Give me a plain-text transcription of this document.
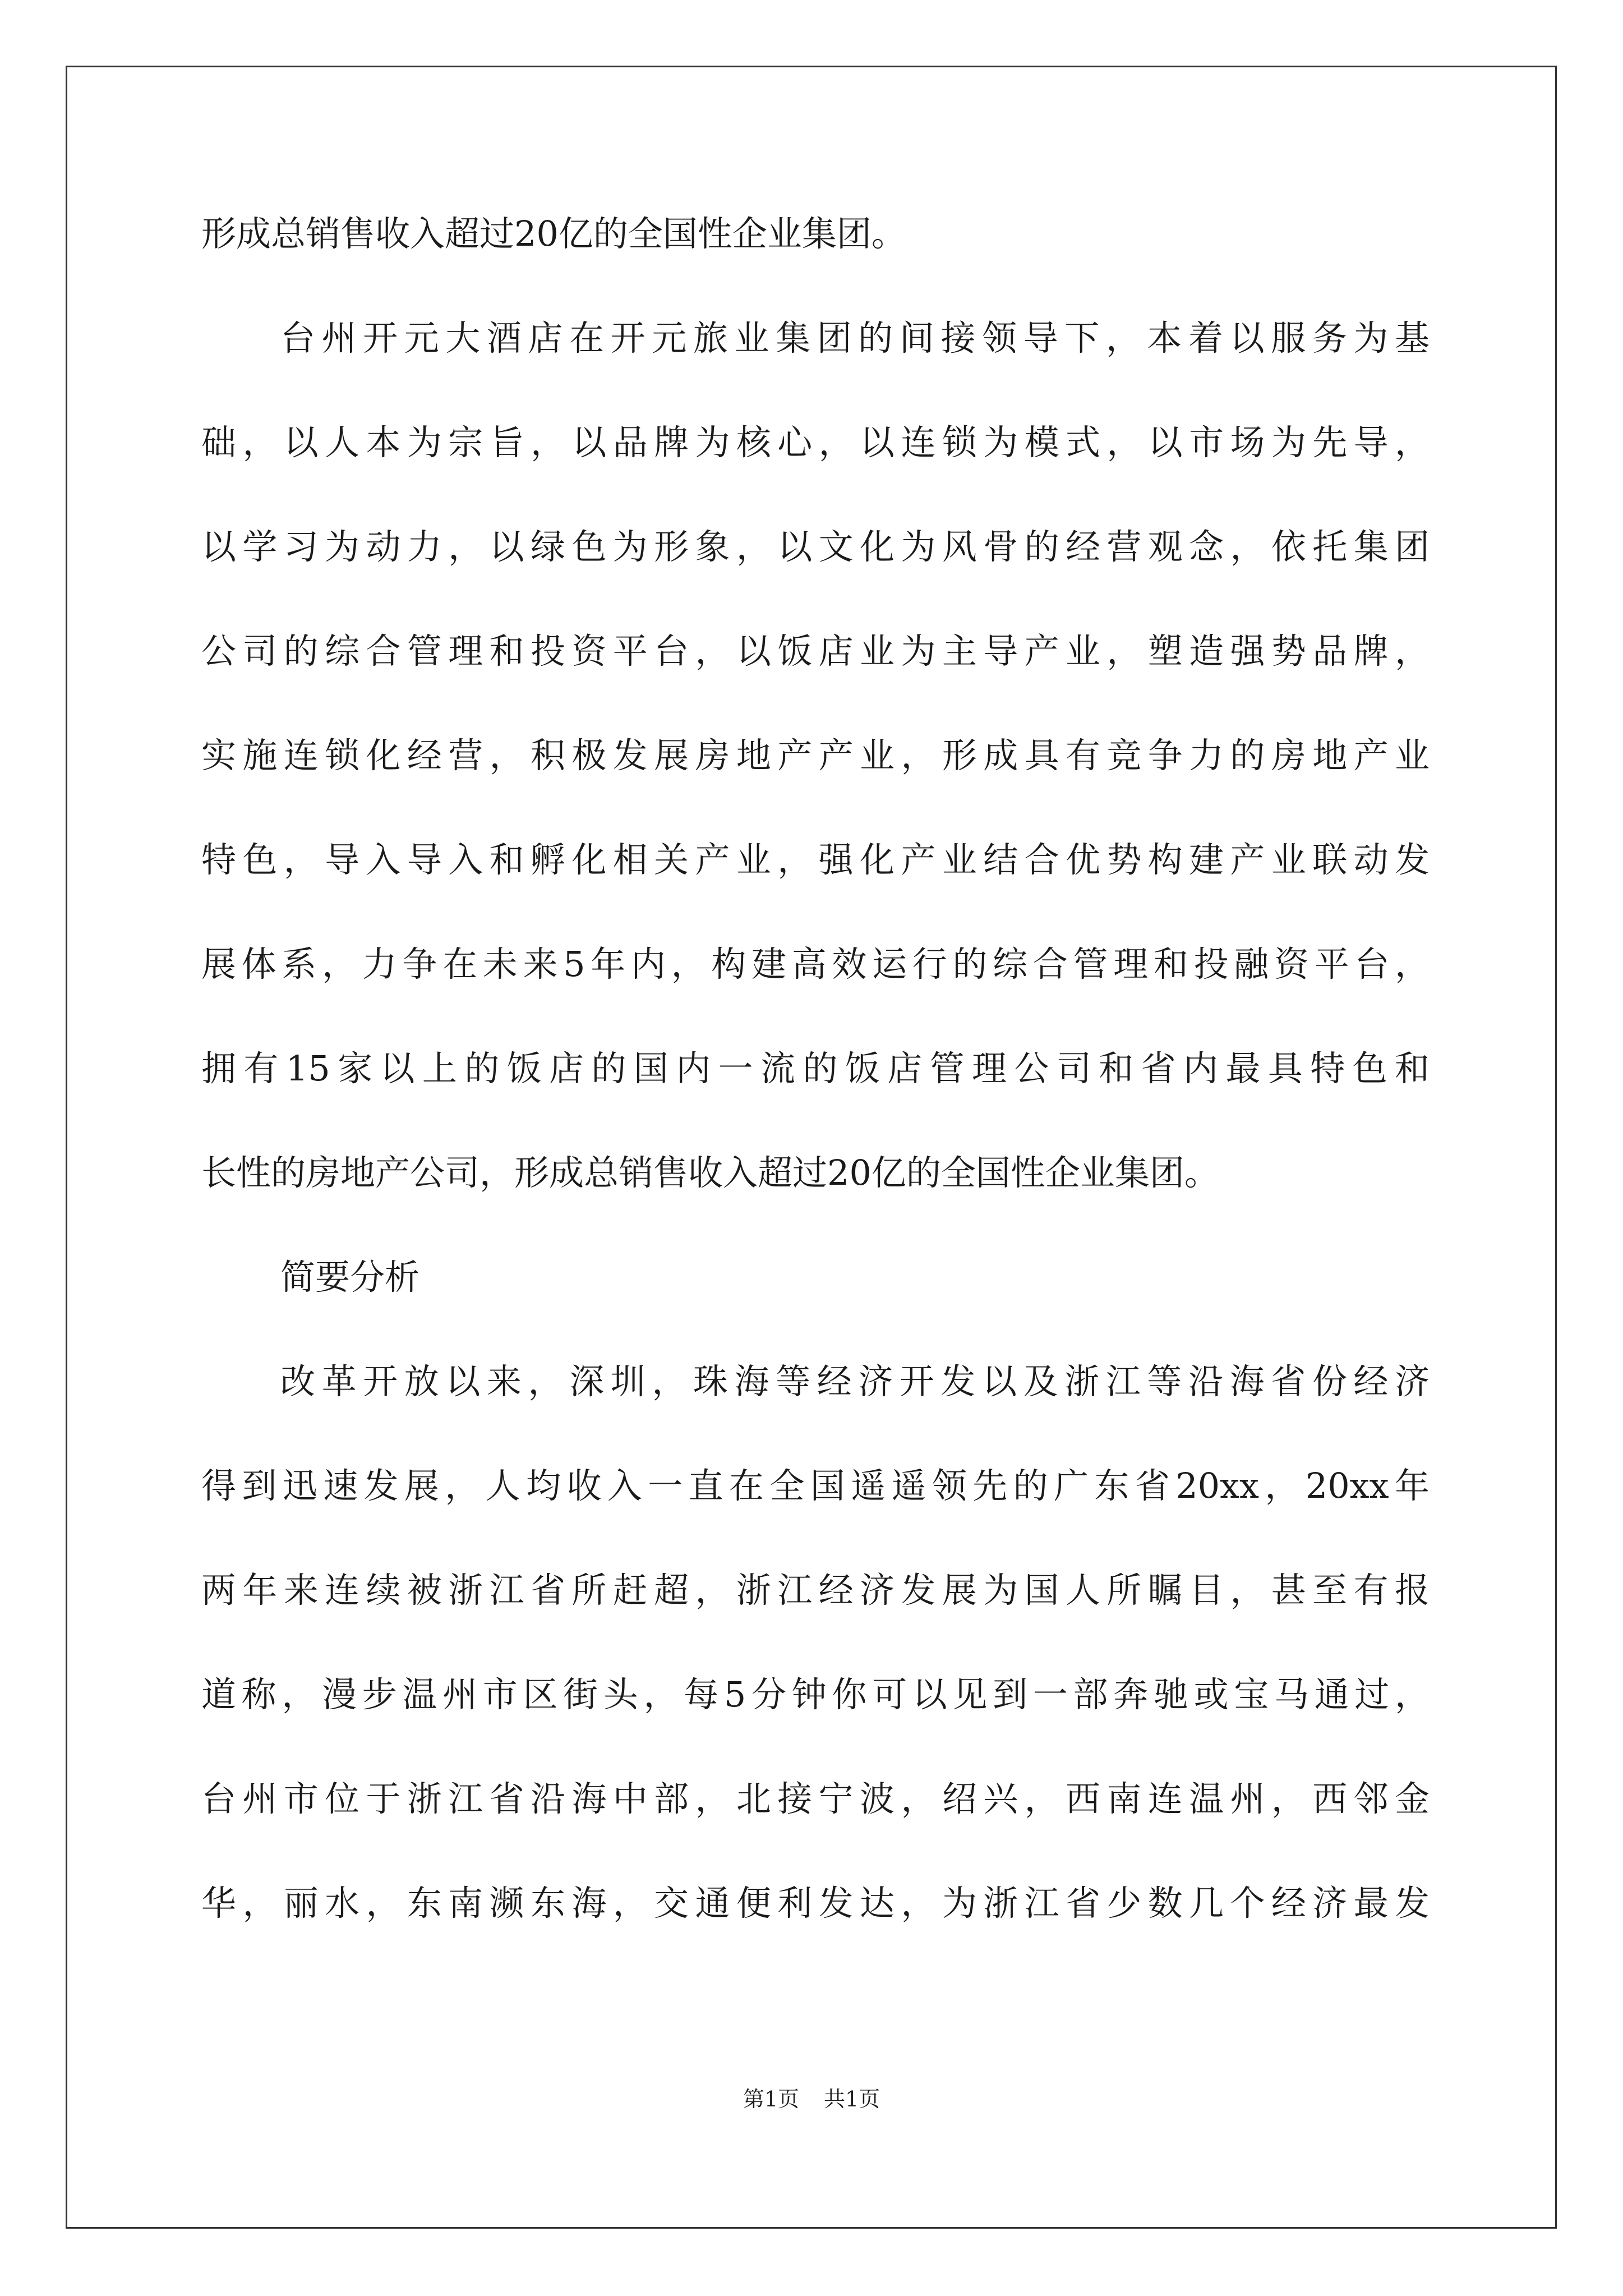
形成总销售收入超过20亿的全国性企业集团。
台州开元大酒店在开元旅业集团的间接领导下，本着以服务为基
础，以人本为宗旨，以品牌为核心，以连锁为模式，以市场为先导，
以学习为动力，以绿色为形象，以文化为风骨的经营观念，依托集团
公司的综合管理和投资平台，以饭店业为主导产业，塑造强势品牌，
实施连锁化经营，积极发展房地产产业，形成具有竞争力的房地产业
特色，导入导入和孵化相关产业，强化产业结合优势构建产业联动发
展体系，力争在未来5年内，构建高效运行的综合管理和投融资平台，
拥有15家以上的饭店的国内一流的饭店管理公司和省内最具特色和
长性的房地产公司，形成总销售收入超过20亿的全国性企业集团。
简要分析
改革开放以来，深圳，珠海等经济开发以及浙江等沿海省份经济
得到迅速发展，人均收入一直在全国遥遥领先的广东省20xx，20xx年
两年来连续被浙江省所赶超，浙江经济发展为国人所瞩目，甚至有报
道称，漫步温州市区街头，每5分钟你可以见到一部奔驰或宝马通过，
台州市位于浙江省沿海中部，北接宁波，绍兴，西南连温州，西邻金
华，丽水，东南濒东海，交通便利发达，为浙江省少数几个经济最发
第1页 共1页
